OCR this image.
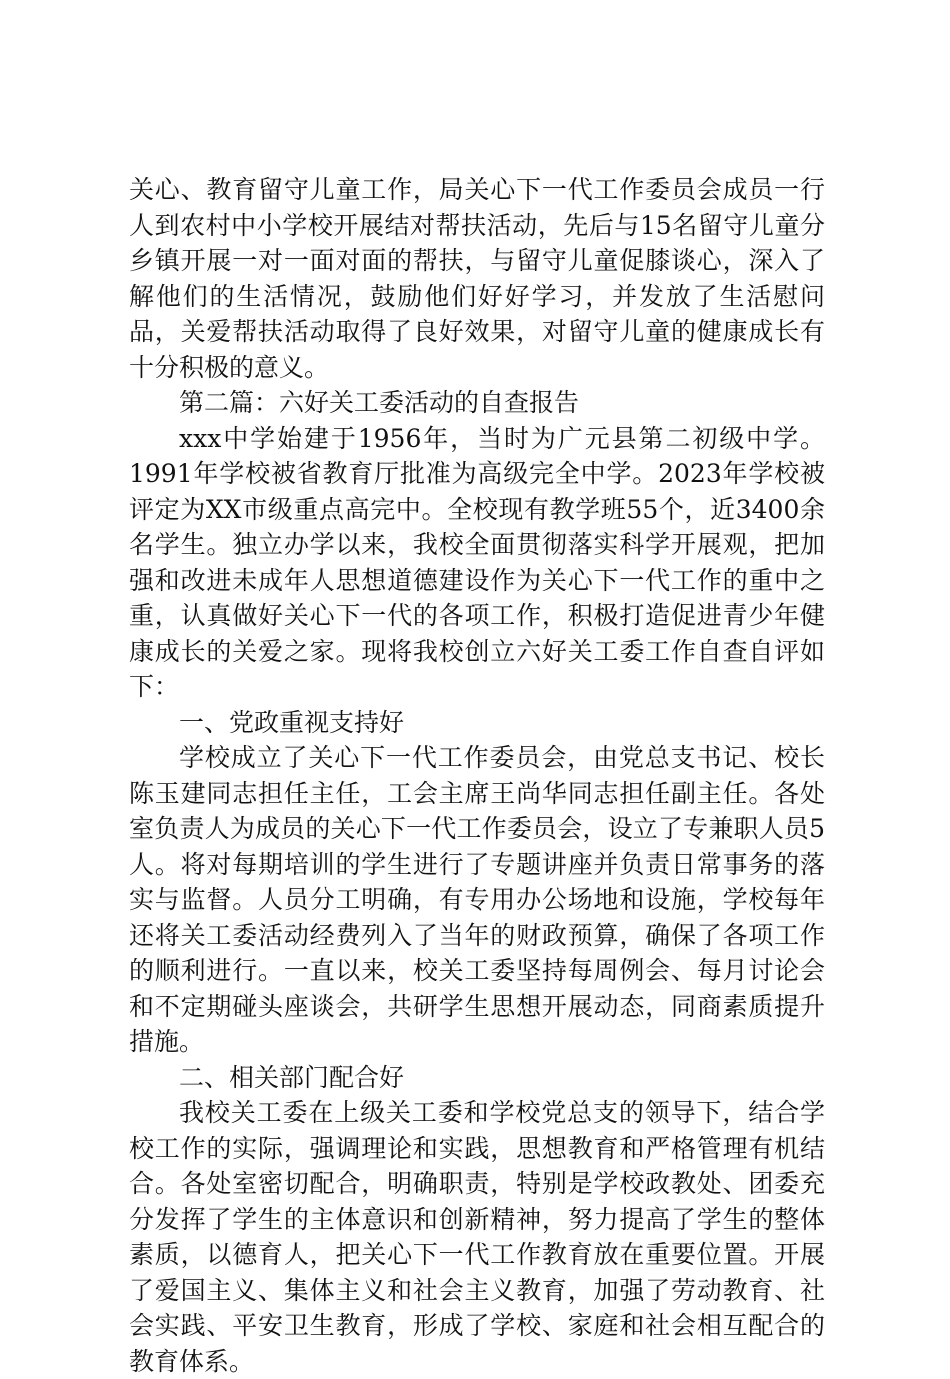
关心、教育留守儿童工作，局关心下一代工作委员会成员一行人到农村中小学校开展结对帮扶活动，先后与15名留守儿童分乡镇开展一对一面对面的帮扶，与留守儿童促膝谈心，深入了解他们的生活情况，鼓励他们好好学习，并发放了生活慰问品，关爱帮扶活动取得了良好效果，对留守儿童的健康成长有十分积极的意义。

第二篇：六好关工委活动的自查报告

xxx中学始建于1956年，当时为广元县第二初级中学。1991年学校被省教育厅批准为高级完全中学。2023年学校被评定为XX市级重点高完中。全校现有教学班55个，近3400余名学生。独立办学以来，我校全面贯彻落实科学开展观，把加强和改进未成年人思想道德建设作为关心下一代工作的重中之重，认真做好关心下一代的各项工作，积极打造促进青少年健康成长的关爱之家。现将我校创立六好关工委工作自查自评如下：

一、党政重视支持好

学校成立了关心下一代工作委员会，由党总支书记、校长陈玉建同志担任主任，工会主席王尚华同志担任副主任。各处室负责人为成员的关心下一代工作委员会，设立了专兼职人员5人。将对每期培训的学生进行了专题讲座并负责日常事务的落实与监督。人员分工明确，有专用办公场地和设施，学校每年还将关工委活动经费列入了当年的财政预算，确保了各项工作的顺利进行。一直以来，校关工委坚持每周例会、每月讨论会和不定期碰头座谈会，共研学生思想开展动态，同商素质提升措施。

二、相关部门配合好

我校关工委在上级关工委和学校党总支的领导下，结合学校工作的实际，强调理论和实践，思想教育和严格管理有机结合。各处室密切配合，明确职责，特别是学校政教处、团委充分发挥了学生的主体意识和创新精神，努力提高了学生的整体素质，以德育人，把关心下一代工作教育放在重要位置。开展了爱国主义、集体主义和社会主义教育，加强了劳动教育、社会实践、平安卫生教育，形成了学校、家庭和社会相互配合的教育体系。
